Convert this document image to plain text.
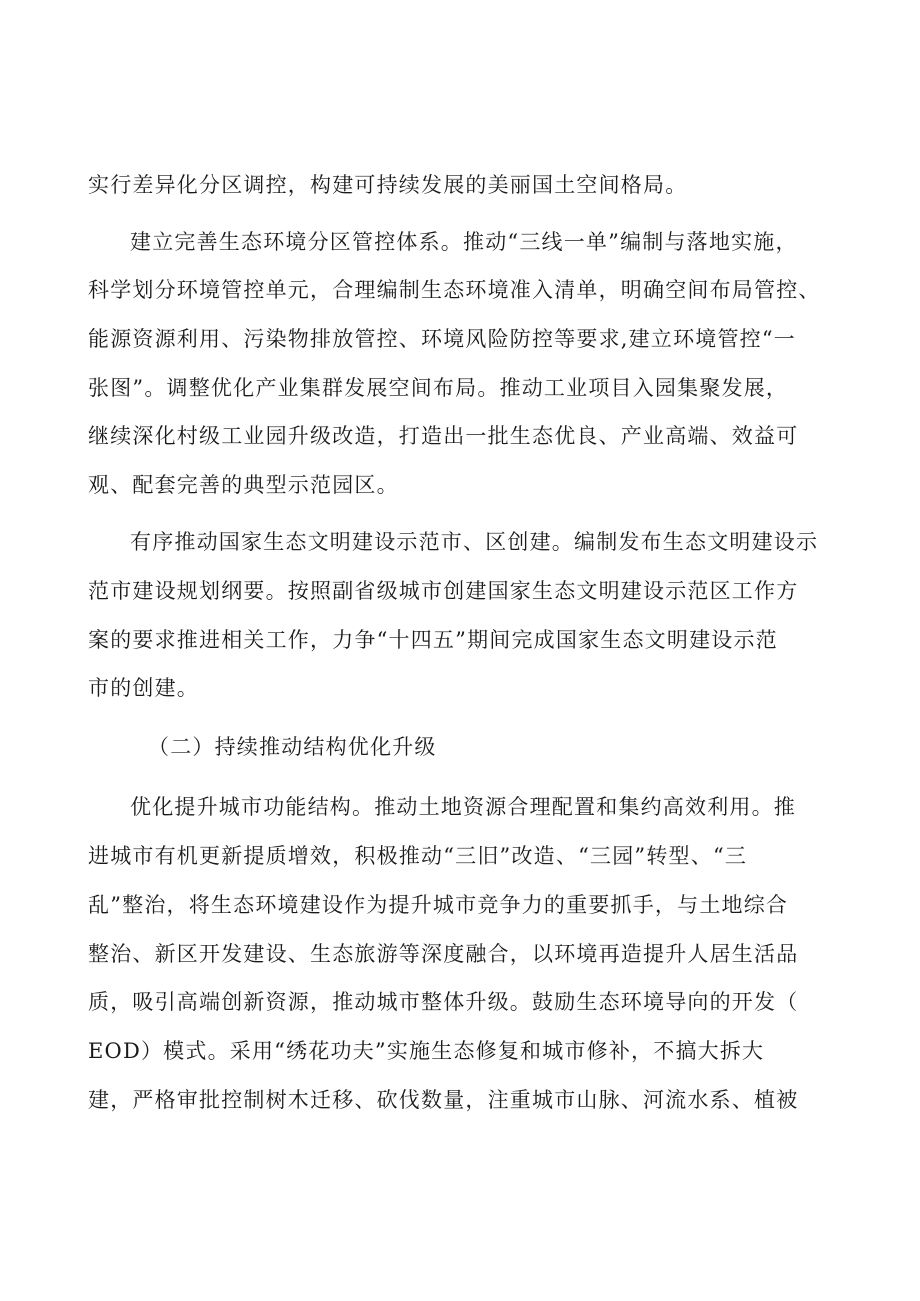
实行差异化分区调控，构建可持续发展的美丽国土空间格局。

建立完善生态环境分区管控体系。推动“三线一单”编制与落地实施，

科学划分环境管控单元，合理编制生态环境准入清单，明确空间布局管控、

能源资源利用、污染物排放管控、环境风险防控等要求,建立环境管控“一

张图”。调整优化产业集群发展空间布局。推动工业项目入园集聚发展，

继续深化村级工业园升级改造，打造出一批生态优良、产业高端、效益可

观、配套完善的典型示范园区。

有序推动国家生态文明建设示范市、区创建。编制发布生态文明建设示

范市建设规划纲要。按照副省级城市创建国家生态文明建设示范区工作方

案的要求推进相关工作，力争“十四五”期间完成国家生态文明建设示范

市的创建。

（二）持续推动结构优化升级

优化提升城市功能结构。推动土地资源合理配置和集约高效利用。推

进城市有机更新提质增效，积极推动“三旧”改造、“三园”转型、“三

乱”整治，将生态环境建设作为提升城市竞争力的重要抓手，与土地综合

整治、新区开发建设、生态旅游等深度融合，以环境再造提升人居生活品

质，吸引高端创新资源，推动城市整体升级。鼓励生态环境导向的开发（

EOD）模式。采用“绣花功夫”实施生态修复和城市修补，不搞大拆大

建，严格审批控制树木迁移、砍伐数量，注重城市山脉、河流水系、植被
